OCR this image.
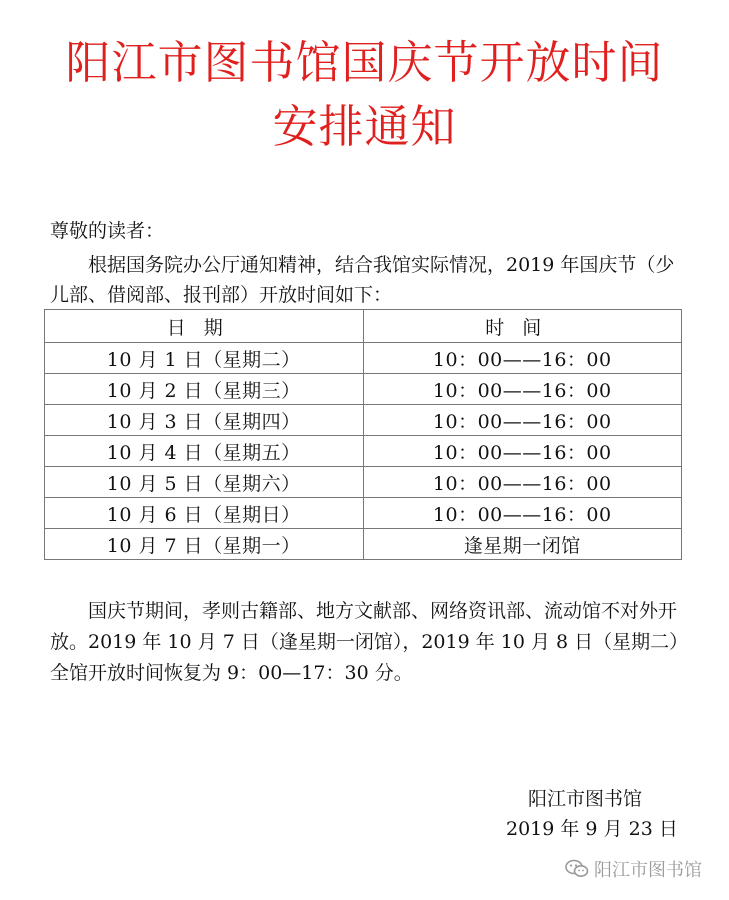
阳江市图书馆国庆节开放时间
安排通知
尊敬的读者：

根据国务院办公厅通知精神，结合我馆实际情况，2019 年国庆节（少儿部、借阅部、报刊部）开放时间如下：

日期	时间
10 月 1 日（星期二）	10：00——16：00
10 月 2 日（星期三）	10：00——16：00
10 月 3 日（星期四）	10：00——16：00
10 月 4 日（星期五）	10：00——16：00
10 月 5 日（星期六）	10：00——16：00
10 月 6 日（星期日）	10：00——16：00
10 月 7 日（星期一）	逢星期一闭馆

国庆节期间，孝则古籍部、地方文献部、网络资讯部、流动馆不对外开放。2019 年 10 月 7 日（逢星期一闭馆），2019 年 10 月 8 日（星期二）全馆开放时间恢复为 9：00—17：30 分。

阳江市图书馆
2019 年 9 月 23 日
阳江市图书馆
